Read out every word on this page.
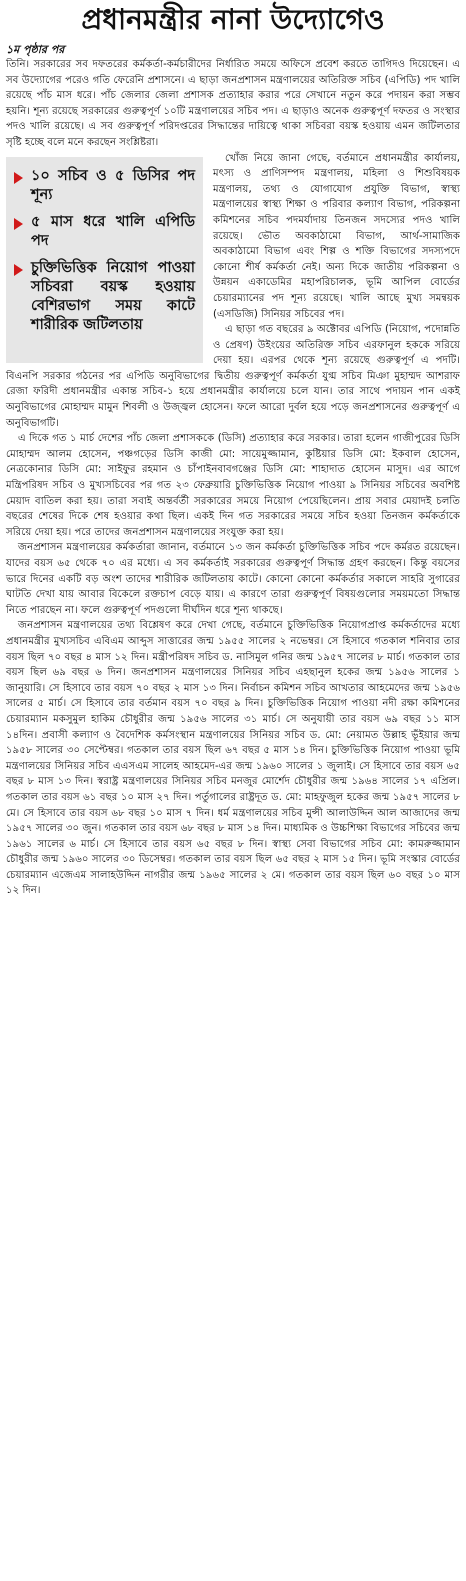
প্রধানমন্ত্রীর নানা উদ্যোগেও
১ম পৃষ্ঠার পর

তিনি। সরকারের সব দফতরের কর্মকর্তা-কর্মচারীদের নির্ধারিত সময়ে অফিসে প্রবেশ করতে তাগিদও দিয়েছেন। এ সব উদ্যোগের পরেও গতি ফেরেনি প্রশাসনে। এ ছাড়া জনপ্রশাসন মন্ত্রণালয়ের অতিরিক্ত সচিব (এপিডি) পদ খালি রয়েছে পাঁচ মাস ধরে। পাঁচ জেলার জেলা প্রশাসক প্রত্যাহার করার পরে সেখানে নতুন করে পদায়ন করা সম্ভব হয়নি। শূন্য রয়েছে সরকারের গুরুত্বপূর্ণ ১০টি মন্ত্রণালয়ের সচিব পদ। এ ছাড়াও অনেক গুরুত্বপূর্ণ দফতর ও সংস্থার পদও খালি রয়েছে। এ সব গুরুত্বপূর্ণ পরিদপ্তরের সিদ্ধান্তের দায়িত্বে থাকা সচিবরা বয়স্ক হওয়ায় এমন জটিলতার সৃষ্টি হচ্ছে বলে মনে করছেন সংশ্লিষ্টরা।

১০ সচিব ও ৫ ডিসির পদ শূন্য
৫ মাস ধরে খালি এপিডি পদ
চুক্তিভিত্তিক নিয়োগ পাওয়া সচিবরা বয়স্ক হওয়ায় বেশিরভাগ সময় কাটে শারীরিক জটিলতায়

খোঁজ নিয়ে জানা গেছে, বর্তমানে প্রধানমন্ত্রীর কার্যালয়, মৎস্য ও প্রাণিসম্পদ মন্ত্রণালয়, মহিলা ও শিশুবিষয়ক মন্ত্রণালয়, তথ্য ও যোগাযোগ প্রযুক্তি বিভাগ, স্বাস্থ্য মন্ত্রণালয়ের স্বাস্থ্য শিক্ষা ও পরিবার কল্যাণ বিভাগ, পরিকল্পনা কমিশনের সচিব পদমর্যাদায় তিনজন সদস্যের পদও খালি রয়েছে। ভৌত অবকাঠামো বিভাগ, আর্থ-সামাজিক অবকাঠামো বিভাগ এবং শিল্প ও শক্তি বিভাগের সদস্যপদে কোনো শীর্ষ কর্মকর্তা নেই। অন্য দিকে জাতীয় পরিকল্পনা ও উন্নয়ন একাডেমির মহাপরিচালক, ভূমি আপিল বোর্ডের চেয়ারম্যানের পদ শূন্য রয়েছে। খালি আছে মুখ্য সমন্বয়ক (এসডিজি) সিনিয়র সচিবের পদ।

এ ছাড়া গত বছরের ৯ অক্টোবর এপিডি (নিয়োগ, পদোন্নতি ও প্রেষণ) উইংয়ের অতিরিক্ত সচিব এরফানুল হককে সরিয়ে দেয়া হয়। এরপর থেকে শূন্য রয়েছে গুরুত্বপূর্ণ এ পদটি। বিএনপি সরকার গঠনের পর এপিডি অনুবিভাগের দ্বিতীয় গুরুত্বপূর্ণ কর্মকর্তা যুগ্ম সচিব মিঞা মুহাম্মদ আশরাফ রেজা ফরিদী প্রধানমন্ত্রীর একান্ত সচিব-১ হয়ে প্রধানমন্ত্রীর কার্যালয়ে চলে যান। তার সাথে পদায়ন পান একই অনুবিভাগের মোহাম্মদ মামুন শিবলী ও উজ্জ্বল হোসেন। ফলে আরো দুর্বল হয়ে পড়ে জনপ্রশাসনের গুরুত্বপূর্ণ এ অনুবিভাগটি।

এ দিকে গত ১ মার্চ দেশের পাঁচ জেলা প্রশাসককে (ডিসি) প্রত্যাহার করে সরকার। তারা হলেন গাজীপুরের ডিসি মোহাম্মদ আলম হোসেন, পঞ্চগড়ের ডিসি কাজী মো: সায়েমুজ্জামান, কুষ্টিয়ার ডিসি মো: ইকবাল হোসেন, নেত্রকোনার ডিসি মো: সাইফুর রহমান ও চাঁপাইনবাবগঞ্জের ডিসি মো: শাহাদাত হোসেন মাসুদ। এর আগে মন্ত্রিপরিষদ সচিব ও মুখ্যসচিবের পর গত ২৩ ফেব্রুয়ারি চুক্তিভিত্তিক নিয়োগ পাওয়া ৯ সিনিয়র সচিবের অবশিষ্ট মেয়াদ বাতিল করা হয়। তারা সবাই অন্তর্বর্তী সরকারের সময়ে নিয়োগ পেয়েছিলেন। প্রায় সবার মেয়াদই চলতি বছরের শেষের দিকে শেষ হওয়ার কথা ছিল। একই দিন গত সরকারের সময়ে সচিব হওয়া তিনজন কর্মকর্তাকে সরিয়ে দেয়া হয়। পরে তাদের জনপ্রশাসন মন্ত্রণালয়ের সংযুক্ত করা হয়।

জনপ্রশাসন মন্ত্রণালয়ের কর্মকর্তারা জানান, বর্তমানে ১৩ জন কর্মকর্তা চুক্তিভিত্তিক সচিব পদে কর্মরত রয়েছেন। যাদের বয়স ৬৫ থেকে ৭০ এর মধ্যে। এ সব কর্মকর্তাই সরকারের গুরুত্বপূর্ণ সিদ্ধান্ত গ্রহণ করছেন। কিন্তু বয়সের ভারে দিনের একটি বড় অংশ তাদের শারীরিক জটিলতায় কাটে। কোনো কোনো কর্মকর্তার সকালে সাহরি সুগারের ঘাটতি দেখা যায় আবার বিকেলে রক্তচাপ বেড়ে যায়। এ কারণে তারা গুরুত্বপূর্ণ বিষয়গুলোর সময়মতো সিদ্ধান্ত নিতে পারছেন না। ফলে গুরুত্বপূর্ণ পদগুলো দীর্ঘদিন ধরে শূন্য থাকছে।

জনপ্রশাসন মন্ত্রণালয়ের তথ্য বিশ্লেষণ করে দেখা গেছে, বর্তমানে চুক্তিভিত্তিক নিয়োগপ্রাপ্ত কর্মকর্তাদের মধ্যে প্রধানমন্ত্রীর মুখ্যসচিব এবিএম আব্দুস সাত্তারের জন্ম ১৯৫৫ সালের ২ নভেম্বর। সে হিসাবে গতকাল শনিবার তার বয়স ছিল ৭০ বছর ৪ মাস ১২ দিন। মন্ত্রীপরিষদ সচিব ড. নাসিমুল গনির জন্ম ১৯৫৭ সালের ৮ মার্চ। গতকাল তার বয়স ছিল ৬৯ বছর ৬ দিন। জনপ্রশাসন মন্ত্রণালয়ের সিনিয়র সচিব এহছানুল হকের জন্ম ১৯৫৬ সালের ১ জানুয়ারি। সে হিসাবে তার বয়স ৭০ বছর ২ মাস ১৩ দিন। নির্বাচন কমিশন সচিব আখতার আহমেদের জন্ম ১৯৫৬ সালের ৫ মার্চ। সে হিসাবে তার বর্তমান বয়স ৭০ বছর ৯ দিন। চুক্তিভিত্তিক নিয়োগ পাওয়া নদী রক্ষা কমিশনের চেয়ারম্যান মকসুমুল হাকিম চৌধুরীর জন্ম ১৯৫৬ সালের ৩১ মার্চ। সে অনুযায়ী তার বয়স ৬৯ বছর ১১ মাস ১৪দিন। প্রবাসী কল্যাণ ও বৈদেশিক কর্মসংস্থান মন্ত্রণালয়ের সিনিয়র সচিব ড. মো: নেয়ামত উল্লাহ ভূঁইয়ার জন্ম ১৯৫৮ সালের ৩০ সেপ্টেম্বর। গতকাল তার বয়স ছিল ৬৭ বছর ৫ মাস ১৪ দিন। চুক্তিভিত্তিক নিয়োগ পাওয়া ভূমি মন্ত্রণালয়ের সিনিয়র সচিব এএসএম সালেহ আহমেদ-এর জন্ম ১৯৬০ সালের ১ জুলাই। সে হিসাবে তার বয়স ৬৫ বছর ৮ মাস ১৩ দিন। স্বরাষ্ট্র মন্ত্রণালয়ের সিনিয়র সচিব মনজুর মোর্শেদ চৌধুরীর জন্ম ১৯৬৪ সালের ১৭ এপ্রিল। গতকাল তার বয়স ৬১ বছর ১০ মাস ২৭ দিন। পর্তুগালের রাষ্ট্রদূত ড. মো: মাহফুজুল হকের জন্ম ১৯৫৭ সালের ৮ মে। সে হিসাবে তার বয়স ৬৮ বছর ১০ মাস ৭ দিন। ধর্ম মন্ত্রণালয়ের সচিব মুন্সী আলাউদ্দিন আল আজাদের জন্ম ১৯৫৭ সালের ৩০ জুন। গতকাল তার বয়স ৬৮ বছর ৮ মাস ১৪ দিন। মাধ্যমিক ও উচ্চশিক্ষা বিভাগের সচিবের জন্ম ১৯৬১ সালের ৬ মার্চ। সে হিসাবে তার বয়স ৬৫ বছর ৮ দিন। স্বাস্থ্য সেবা বিভাগের সচিব মো: কামরুজ্জামান চৌধুরীর জন্ম ১৯৬০ সালের ৩০ ডিসেম্বর। গতকাল তার বয়স ছিল ৬৫ বছর ২ মাস ১৫ দিন। ভূমি সংস্কার বোর্ডের চেয়ারম্যান এজেএম সালাহউদ্দিন নাগরীর জন্ম ১৯৬৫ সালের ২ মে। গতকাল তার বয়স ছিল ৬০ বছর ১০ মাস ১২ দিন।
